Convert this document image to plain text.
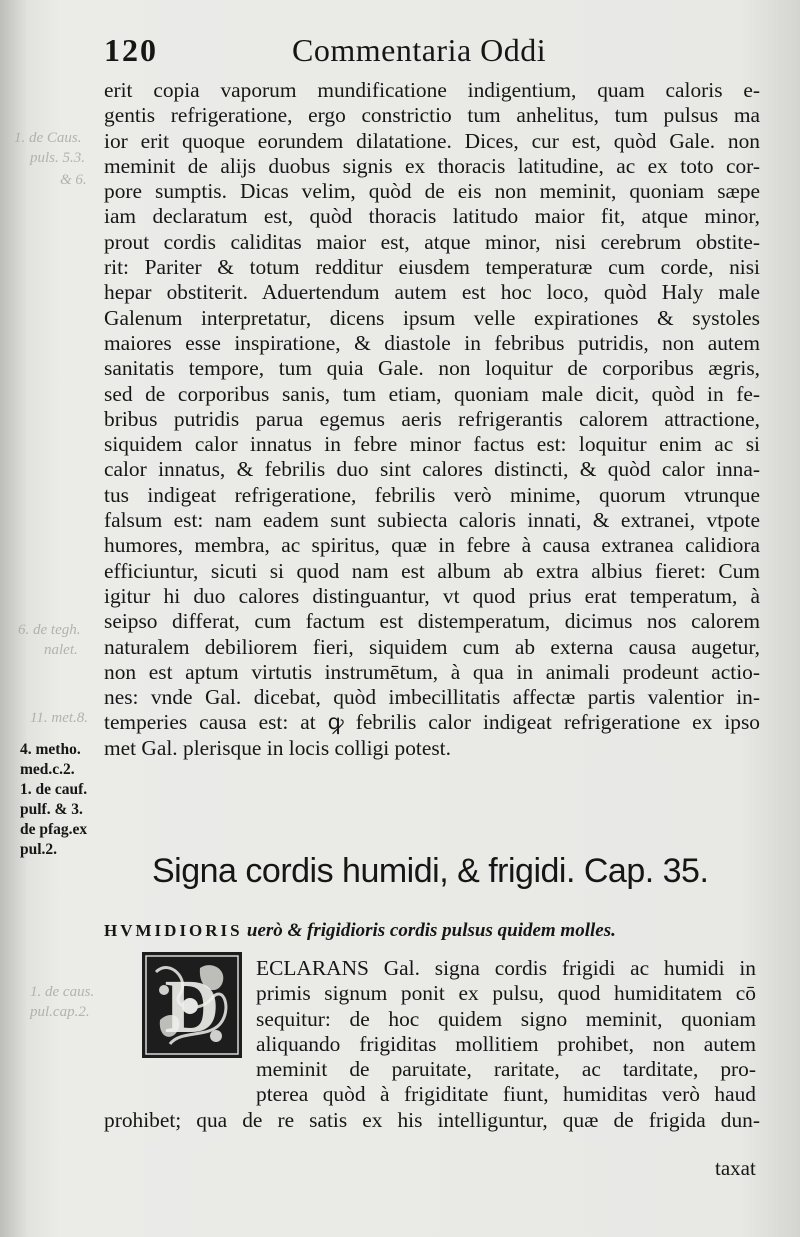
1. de Caus.
puls. 5.3.
& 6.
6. de tegh.
nalet.
11. met.8.
1. de caus.
pul.cap.2.
120	Commentaria Oddi

erit copia vaporum mundificatione indigentium, quam caloris e-

gentis refrigeratione, ergo constrictio tum anhelitus, tum pulsus ma

ior erit quoque eorundem dilatatione. Dices, cur est, quòd Gale. non

meminit de alijs duobus signis ex thoracis latitudine, ac ex toto cor-

pore sumptis. Dicas velim, quòd de eis non meminit, quoniam sæpe

iam declaratum est, quòd thoracis latitudo maior fit, atque minor,

prout cordis caliditas maior est, atque minor, nisi cerebrum obstite-

rit: Pariter & totum redditur eiusdem temperaturæ cum corde, nisi

hepar obstiterit. Aduertendum autem est hoc loco, quòd Haly male

Galenum interpretatur, dicens ipsum velle expirationes & systoles

maiores esse inspiratione, & diastole in febribus putridis, non autem

sanitatis tempore, tum quia Gale. non loquitur de corporibus ægris,

sed de corporibus sanis, tum etiam, quoniam male dicit, quòd in fe-

bribus putridis parua egemus aeris refrigerantis calorem attractione,

siquidem calor innatus in febre minor factus est: loquitur enim ac si

calor innatus, & febrilis duo sint calores distincti, & quòd calor inna-

tus indigeat refrigeratione, febrilis verò minime, quorum vtrunque

falsum est: nam eadem sunt subiecta caloris innati, & extranei, vtpote

humores, membra, ac spiritus, quæ in febre à causa extranea calidiora

efficiuntur, sicuti si quod nam est album ab extra albius fieret: Cum

igitur hi duo calores distinguantur, vt quod prius erat temperatum, à

seipso differat, cum factum est distemperatum, dicimus nos calorem

naturalem debiliorem fieri, siquidem cum ab externa causa augetur,

non est aptum virtutis instrumētum, à qua in animali prodeunt actio-

nes: vnde Gal. dicebat, quòd imbecillitatis affectæ partis valentior in-

temperies causa est: at ꝙ febrilis calor indigeat refrigeratione ex ipso

met Gal. plerisque in locis colligi potest.

4. metho.
med.c.2.
1. de cauf.
pulf. & 3.
de pfag.ex
pul.2.
Signa cordis humidi, & frigidi. Cap. 35.
HVMIDIORIS uerò & frigidioris cordis pulsus quidem molles.
D ECLARANS Gal. signa cordis frigidi ac humidi in

primis signum ponit ex pulsu, quod humiditatem cō

sequitur: de hoc quidem signo meminit, quoniam

aliquando frigiditas mollitiem prohibet, non autem

meminit de paruitate, raritate, ac tarditate, pro-

pterea quòd à frigiditate fiunt, humiditas verò haud

prohibet; qua de re satis ex his intelliguntur, quæ de frigida dun-

taxat
